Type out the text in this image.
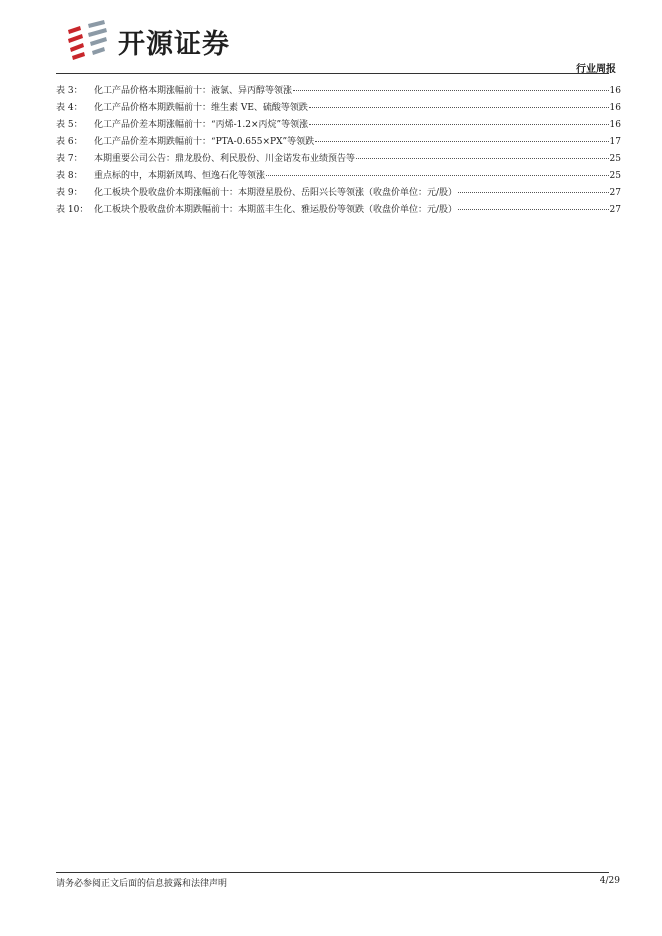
开源证券
行业周报
表 3：	化工产品价格本期涨幅前十：液氯、异丙醇等领涨	16
表 4：	化工产品价格本期跌幅前十：维生素 VE、硫酸等领跌	16
表 5：	化工产品价差本期涨幅前十：“丙烯-1.2×丙烷”等领涨	16
表 6：	化工产品价差本期跌幅前十：“PTA-0.655×PX”等领跌	17
表 7：	本期重要公司公告：鼎龙股份、利民股份、川金诺发布业绩预告等	25
表 8：	重点标的中，本期新凤鸣、恒逸石化等领涨	25
表 9：	化工板块个股收盘价本期涨幅前十：本期澄星股份、岳阳兴长等领涨（收盘价单位：元/股）	27
表 10： 化工板块个股收盘价本期跌幅前十：本期蓝丰生化、雅运股份等领跌（收盘价单位：元/股）	27
请务必参阅正文后面的信息披露和法律声明	4/29
